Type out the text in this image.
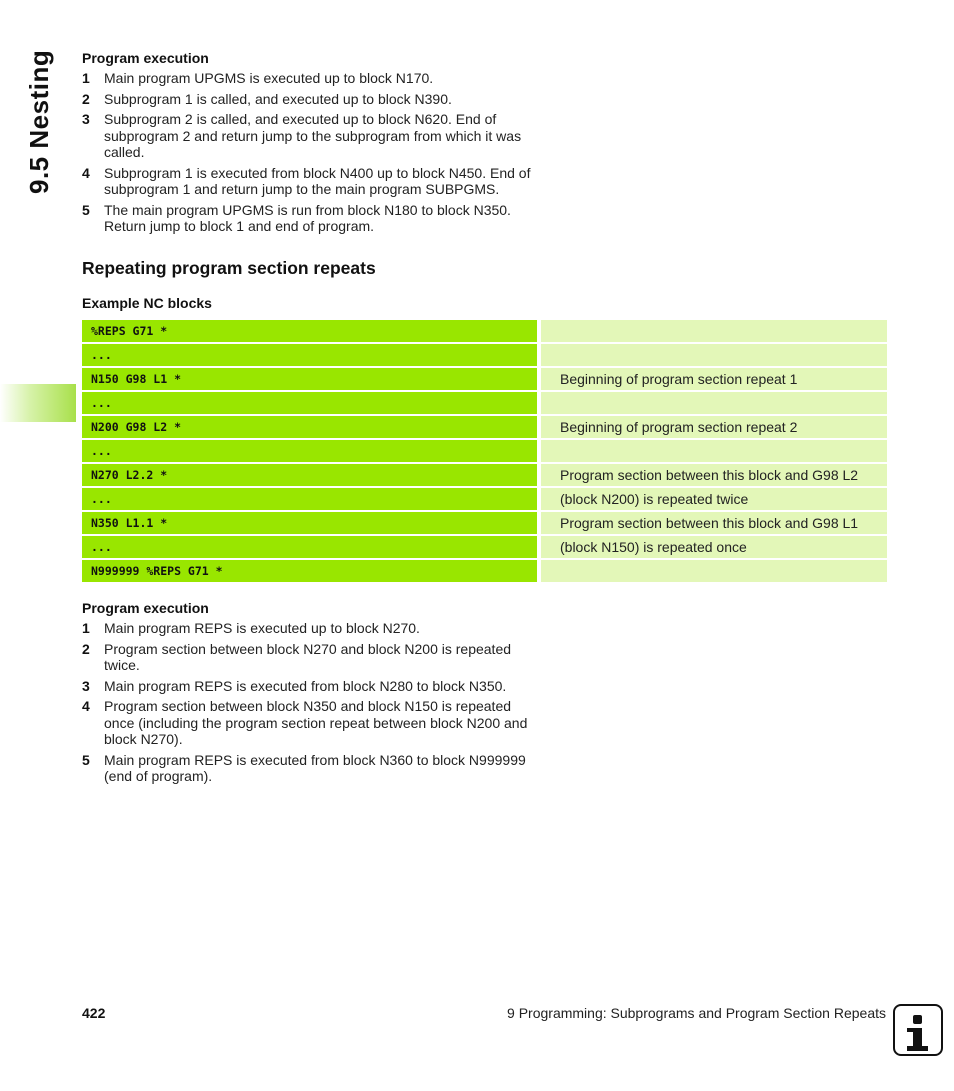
9.5 Nesting Program execution
1 Main program UPGMS is executed up to block N170.
2 Subprogram 1 is called, and executed up to block N390.
3 Subprogram 2 is called, and executed up to block N620. End of subprogram 2 and return jump to the subprogram from which it was called.
4 Subprogram 1 is executed from block N400 up to block N450. End of subprogram 1 and return jump to the main program SUBPGMS.
5 The main program UPGMS is run from block N180 to block N350. Return jump to block 1 and end of program.
Repeating program section repeats
Example NC blocks
%REPS G71 *		
...		
N150 G98 L1 *		Beginning of program section repeat 1
...		
N200 G98 L2 *		Beginning of program section repeat 2
...		
N270 L2.2 *		Program section between this block and G98 L2
...		(block N200) is repeated twice
N350 L1.1 *		Program section between this block and G98 L1
...		(block N150) is repeated once
N999999 %REPS G71 *		
Program execution
1 Main program REPS is executed up to block N270.
2 Program section between block N270 and block N200 is repeated twice.
3 Main program REPS is executed from block N280 to block N350.
4 Program section between block N350 and block N150 is repeated once (including the program section repeat between block N200 and block N270).
5 Main program REPS is executed from block N360 to block N999999 (end of program).
422	9 Programming: Subprograms and Program Section Repeats
